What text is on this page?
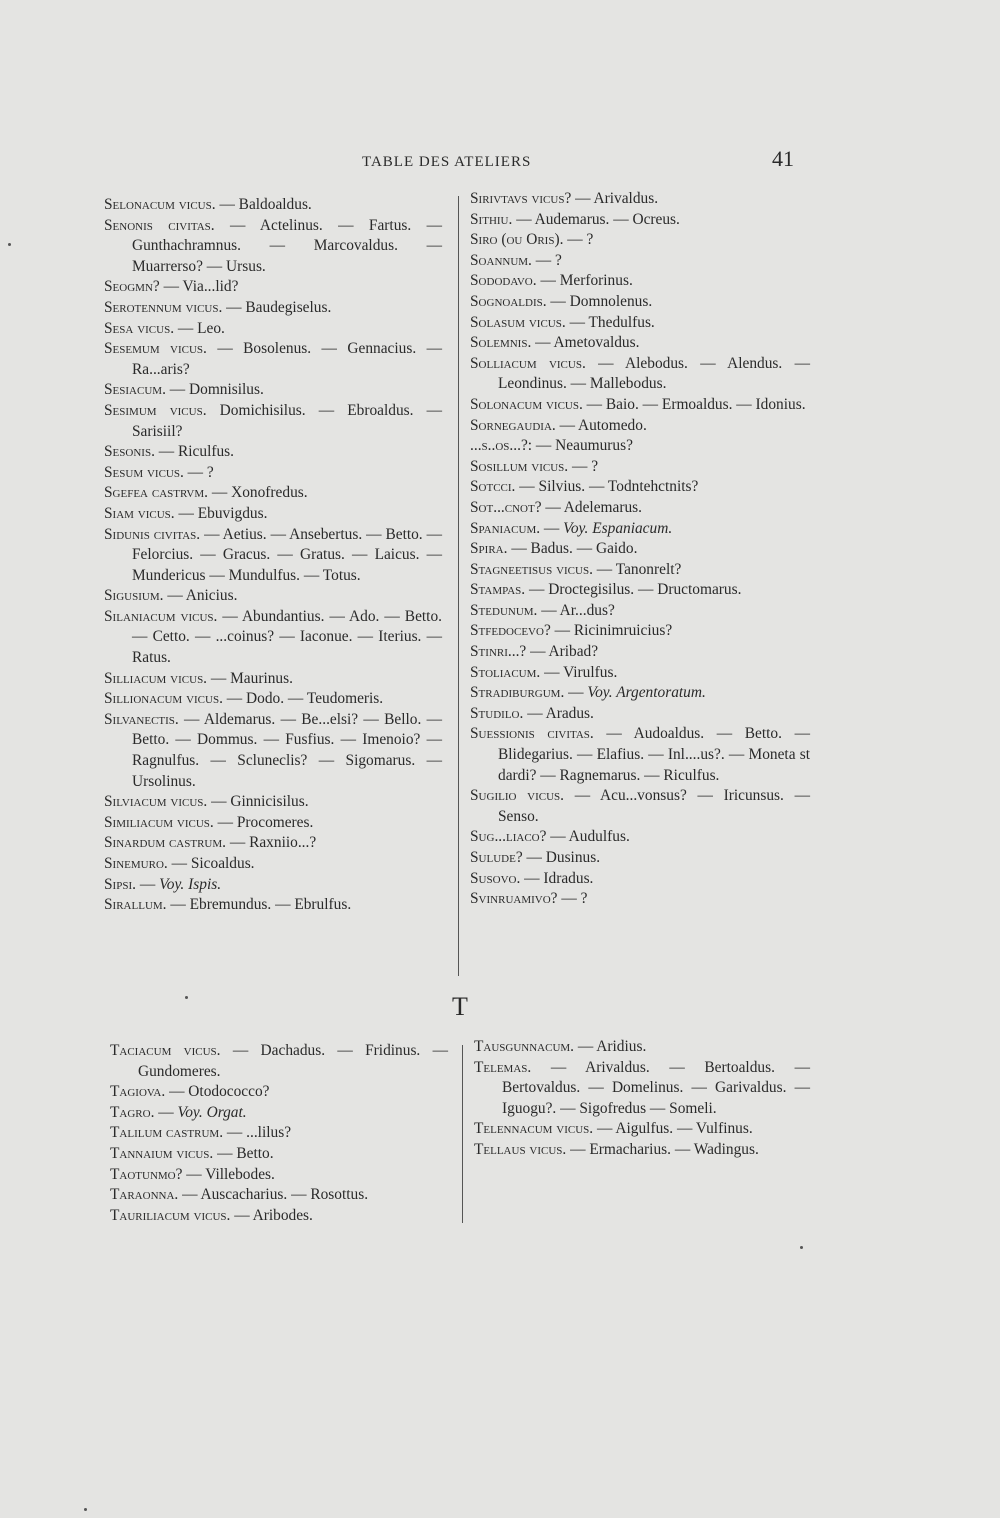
TABLE DES ATELIERS	41

Selonacum vicus. — Baldoaldus.

Senonis civitas. — Actelinus. — Fartus. — Gunthachramnus. — Marcovaldus. — Muarrerso? — Ursus.

Seogmn? — Via...lid?

Serotennum vicus. — Baudegiselus.

Sesa vicus. — Leo.

Sesemum vicus. — Bosolenus. — Gennacius. — Ra...aris?

Sesiacum. — Domnisilus.

Sesimum vicus. Domichisilus. — Ebroaldus. — Sarisiil?

Sesonis. — Riculfus.

Sesum vicus. — ?

Sgefea castrvm. — Xonofredus.

Siam vicus. — Ebuvigdus.

Sidunis civitas. — Aetius. — Ansebertus. — Betto. — Felorcius. — Gracus. — Gratus. — Laicus. — Mundericus — Mundulfus. — Totus.

Sigusium. — Anicius.

Silaniacum vicus. — Abundantius. — Ado. — Betto. — Cetto. — ...coinus? — Iaconue. — Iterius. — Ratus.

Silliacum vicus. — Maurinus.

Sillionacum vicus. — Dodo. — Teudomeris.

Silvanectis. — Aldemarus. — Be...elsi? — Bello. — Betto. — Dommus. — Fusfius. — Imenoio? — Ragnulfus. — Scluneclis? — Sigomarus. — Ursolinus.

Silviacum vicus. — Ginnicisilus.

Similiacum vicus. — Procomeres.

Sinardum castrum. — Raxniio...?

Sinemuro. — Sicoaldus.

Sipsi. — Voy. Ispis.

Sirallum. — Ebremundus. — Ebrulfus.

Sirivtavs vicus? — Arivaldus.

Sithiu. — Audemarus. — Ocreus.

Siro (ou Oris). — ?

Soannum. — ?

Sododavo. — Merforinus.

Sognoaldis. — Domnolenus.

Solasum vicus. — Thedulfus.

Solemnis. — Ametovaldus.

Solliacum vicus. — Alebodus. — Alendus. — Leondinus. — Mallebodus.

Solonacum vicus. — Baio. — Ermoaldus. — Idonius.

Sornegaudia. — Automedo.

...s..os...?: — Neaumurus?

Sosillum vicus. — ?

Sotcci. — Silvius. — Todntehctnits?

Sot...cnot? — Adelemarus.

Spaniacum. — Voy. Espaniacum.

Spira. — Badus. — Gaido.

Stagneetisus vicus. — Tanonrelt?

Stampas. — Droctegisilus. — Dructomarus.

Stedunum. — Ar...dus?

Stfedocevo? — Ricinimruicius?

Stinri...? — Aribad?

Stoliacum. — Virulfus.

Stradiburgum. — Voy. Argentoratum.

Studilo. — Aradus.

Suessionis civitas. — Audoaldus. — Betto. — Blidegarius. — Elafius. — Inl....us?. — Moneta st dardi? — Ragnemarus. — Riculfus.

Sugilio vicus. — Acu...vonsus? — Iricunsus. — Senso.

Sug...liaco? — Audulfus.

Sulude? — Dusinus.

Susovo. — Idradus.

Svinruamivo? — ?

T

Taciacum vicus. — Dachadus. — Fridinus. — Gundomeres.

Tagiova. — Otodococco?

Tagro. — Voy. Orgat.

Talilum castrum. — ...lilus?

Tannaium vicus. — Betto.

Taotunmo? — Villebodes.

Taraonna. — Auscacharius. — Rosottus.

Tauriliacum vicus. — Aribodes.

Tausgunnacum. — Aridius.

Telemas. — Arivaldus. — Bertoaldus. — Bertovaldus. — Domelinus. — Garivaldus. — Iguogu?. — Sigofredus — Someli.

Telennacum vicus. — Aigulfus. — Vulfinus.

Tellaus vicus. — Ermacharius. — Wadingus.
